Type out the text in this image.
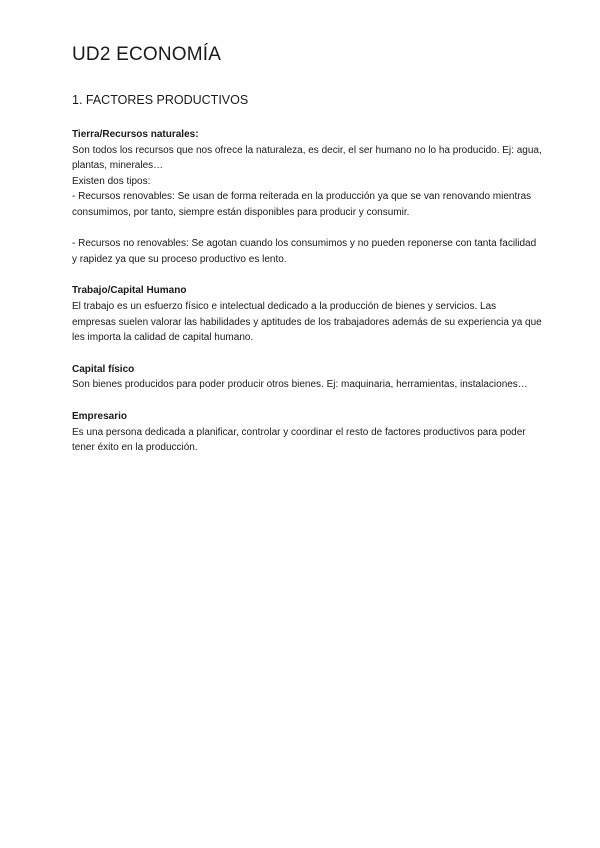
UD2 ECONOMÍA
1. FACTORES PRODUCTIVOS

Tierra/Recursos naturales:

Son todos los recursos que nos ofrece la naturaleza, es decir, el ser humano no lo ha producido. Ej: agua, plantas, minerales…

Existen dos tipos:

- Recursos renovables: Se usan de forma reiterada en la producción ya que se van renovando mientras consumimos, por tanto, siempre están disponibles para producir y consumir.

- Recursos no renovables: Se agotan cuando los consumimos y no pueden reponerse con tanta facilidad y rapidez ya que su proceso productivo es lento.

Trabajo/Capital Humano

El trabajo es un esfuerzo físico e intelectual dedicado a la producción de bienes y servicios. Las empresas suelen valorar las habilidades y aptitudes de los trabajadores además de su experiencia ya que les importa la calidad de capital humano.

Capital físico

Son bienes producidos para poder producir otros bienes. Ej: maquinaria, herramientas, instalaciones…

Empresario

Es una persona dedicada a planificar, controlar y coordinar el resto de factores productivos para poder tener éxito en la producción.
